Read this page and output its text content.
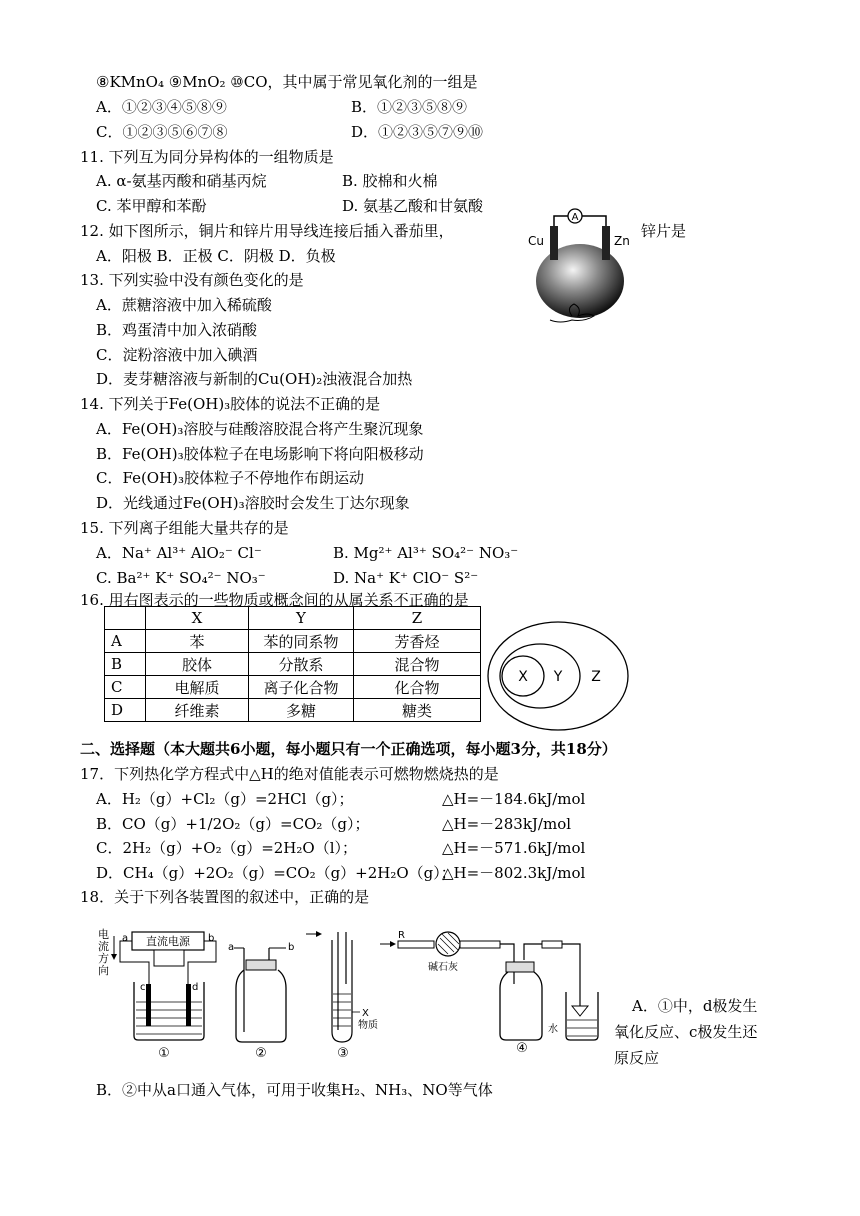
⑧KMnO₄ ⑨MnO₂ ⑩CO，其中属于常见氧化剂的一组是
A．①②③④⑤⑧⑨	B．①②③⑤⑧⑨
C．①②③⑤⑥⑦⑧	D．①②③⑤⑦⑨⑩
11. 下列互为同分异构体的一组物质是
A. α-氨基丙酸和硝基丙烷	B. 胶棉和火棉
C. 苯甲醇和苯酚	D. 氨基乙酸和甘氨酸
12. 如下图所示，铜片和锌片用导线连接后插入番茄里，	锌片是
A．阳极 B．正极 C．阴极 D．负极
A
Cu	Zn
13. 下列实验中没有颜色变化的是
A．蔗糖溶液中加入稀硫酸
B．鸡蛋清中加入浓硝酸
C．淀粉溶液中加入碘酒
D．麦芽糖溶液与新制的Cu(OH)₂浊液混合加热
14. 下列关于Fe(OH)₃胶体的说法不正确的是
A．Fe(OH)₃溶胶与硅酸溶胶混合将产生聚沉现象
B．Fe(OH)₃胶体粒子在电场影响下将向阳极移动
C．Fe(OH)₃胶体粒子不停地作布朗运动
D．光线通过Fe(OH)₃溶胶时会发生丁达尔现象
15. 下列离子组能大量共存的是
A．Na⁺ Al³⁺ AlO₂⁻ Cl⁻	B. Mg²⁺ Al³⁺ SO₄²⁻ NO₃⁻
C. Ba²⁺ K⁺ SO₄²⁻ NO₃⁻	D. Na⁺ K⁺ ClO⁻ S²⁻
16. 用右图表示的一些物质或概念间的从属关系不正确的是
	X	Y	Z
A	苯	苯的同系物	芳香烃
B	胶体	分散系	混合物
C	电解质	离子化合物	化合物
D	纤维素	多糖	糖类
X Y Z
二、选择题（本大题共6小题，每小题只有一个正确选项，每小题3分，共18分）
17．下列热化学方程式中△H的绝对值能表示可燃物燃烧热的是
A．H₂（g）+Cl₂（g）=2HCl（g）；	△H=－184.6kJ/mol
B．CO（g）+1/2O₂（g）=CO₂（g）；	△H=－283kJ/mol
C．2H₂（g）+O₂（g）=2H₂O（l）；	△H=－571.6kJ/mol
D．CH₄（g）+2O₂（g）=CO₂（g）+2H₂O（g）；
△H=－802.3kJ/mol
18．关于下列各装置图的叙述中，正确的是
电
流
方
向
a	b
直流电源
c	d
①
a	b
②
X
物质
③
R
碱石灰
水
④
A．①中，d极发生
氧化反应、c极发生还
原反应
B．②中从a口通入气体，可用于收集H₂、NH₃、NO等气体
